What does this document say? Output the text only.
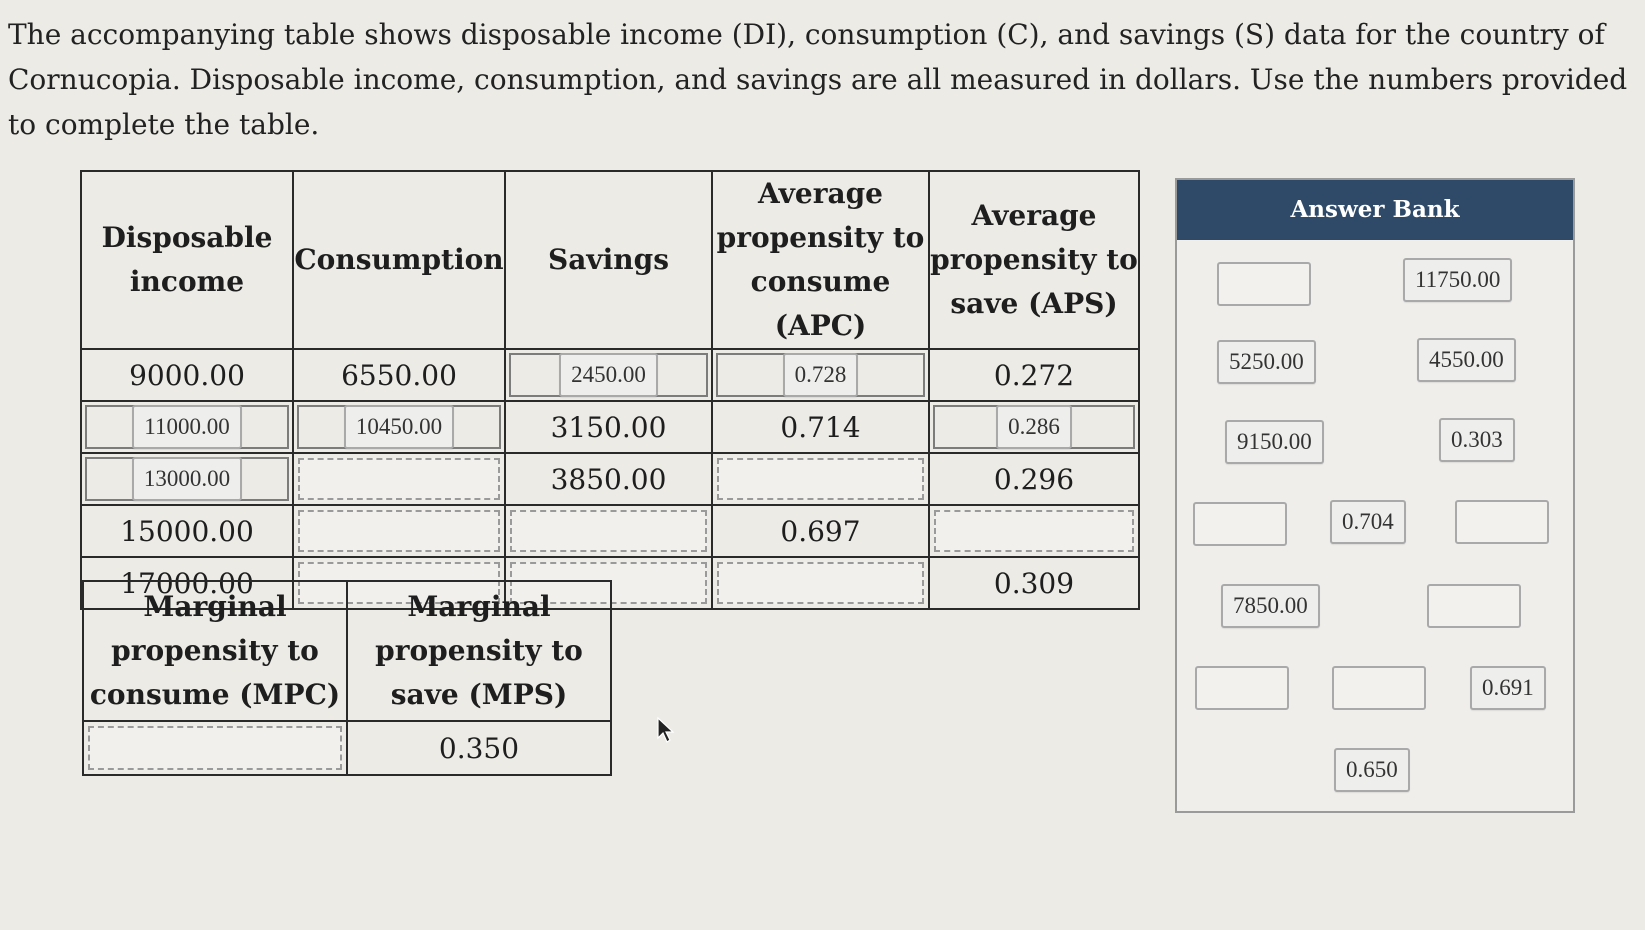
The accompanying table shows disposable income (DI), consumption (C), and savings (S) data for the country of Cornucopia. Disposable income, consumption, and savings are all measured in dollars. Use the numbers provided to complete the table.
Disposable income	Consumption	Savings	Average propensity to consume (APC)	Average propensity to save (APS)
9000.00	6550.00	2450.00	0.728	0.272

11000.00	10450.00	3150.00	0.714	0.286

13000.00		3850.00		0.296
15000.00			0.697	

17000.00				0.309
Marginal propensity to consume (MPC)	Marginal propensity to save (MPS)

	0.350
Answer Bank
11750.00
5250.00	4550.00
9150.00	0.303
0.704
7850.00
0.691
0.650
